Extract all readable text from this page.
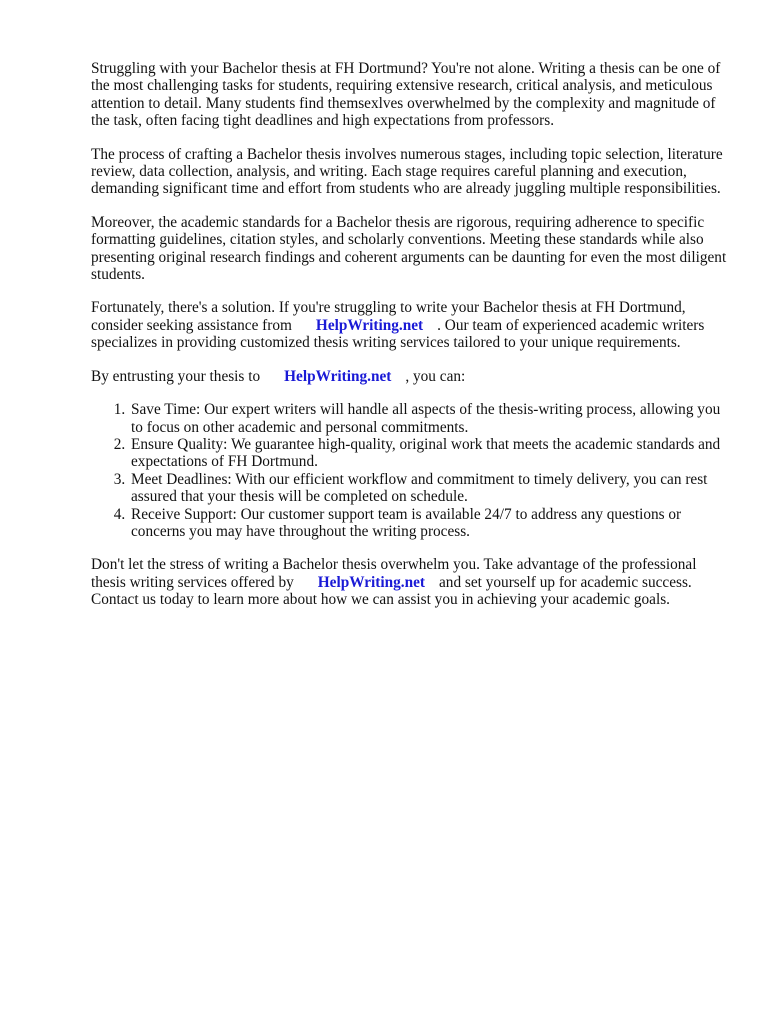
Struggling with your Bachelor thesis at FH Dortmund? You're not alone. Writing a thesis can be one of the most challenging tasks for students, requiring extensive research, critical analysis, and meticulous attention to detail. Many students find themsexlves overwhelmed by the complexity and magnitude of the task, often facing tight deadlines and high expectations from professors.

The process of crafting a Bachelor thesis involves numerous stages, including topic selection, literature review, data collection, analysis, and writing. Each stage requires careful planning and execution, demanding significant time and effort from students who are already juggling multiple responsibilities.

Moreover, the academic standards for a Bachelor thesis are rigorous, requiring adherence to specific formatting guidelines, citation styles, and scholarly conventions. Meeting these standards while also presenting original research findings and coherent arguments can be daunting for even the most diligent students.

Fortunately, there's a solution. If you're struggling to write your Bachelor thesis at FH Dortmund, consider seeking assistance from HelpWriting.net . Our team of experienced academic writers specializes in providing customized thesis writing services tailored to your unique requirements.

By entrusting your thesis to HelpWriting.net , you can:

1. Save Time: Our expert writers will handle all aspects of the thesis-writing process, allowing you to focus on other academic and personal commitments.
2. Ensure Quality: We guarantee high-quality, original work that meets the academic standards and expectations of FH Dortmund.
3. Meet Deadlines: With our efficient workflow and commitment to timely delivery, you can rest assured that your thesis will be completed on schedule.
4. Receive Support: Our customer support team is available 24/7 to address any questions or concerns you may have throughout the writing process.

Don't let the stress of writing a Bachelor thesis overwhelm you. Take advantage of the professional thesis writing services offered by HelpWriting.net and set yourself up for academic success. Contact us today to learn more about how we can assist you in achieving your academic goals.
